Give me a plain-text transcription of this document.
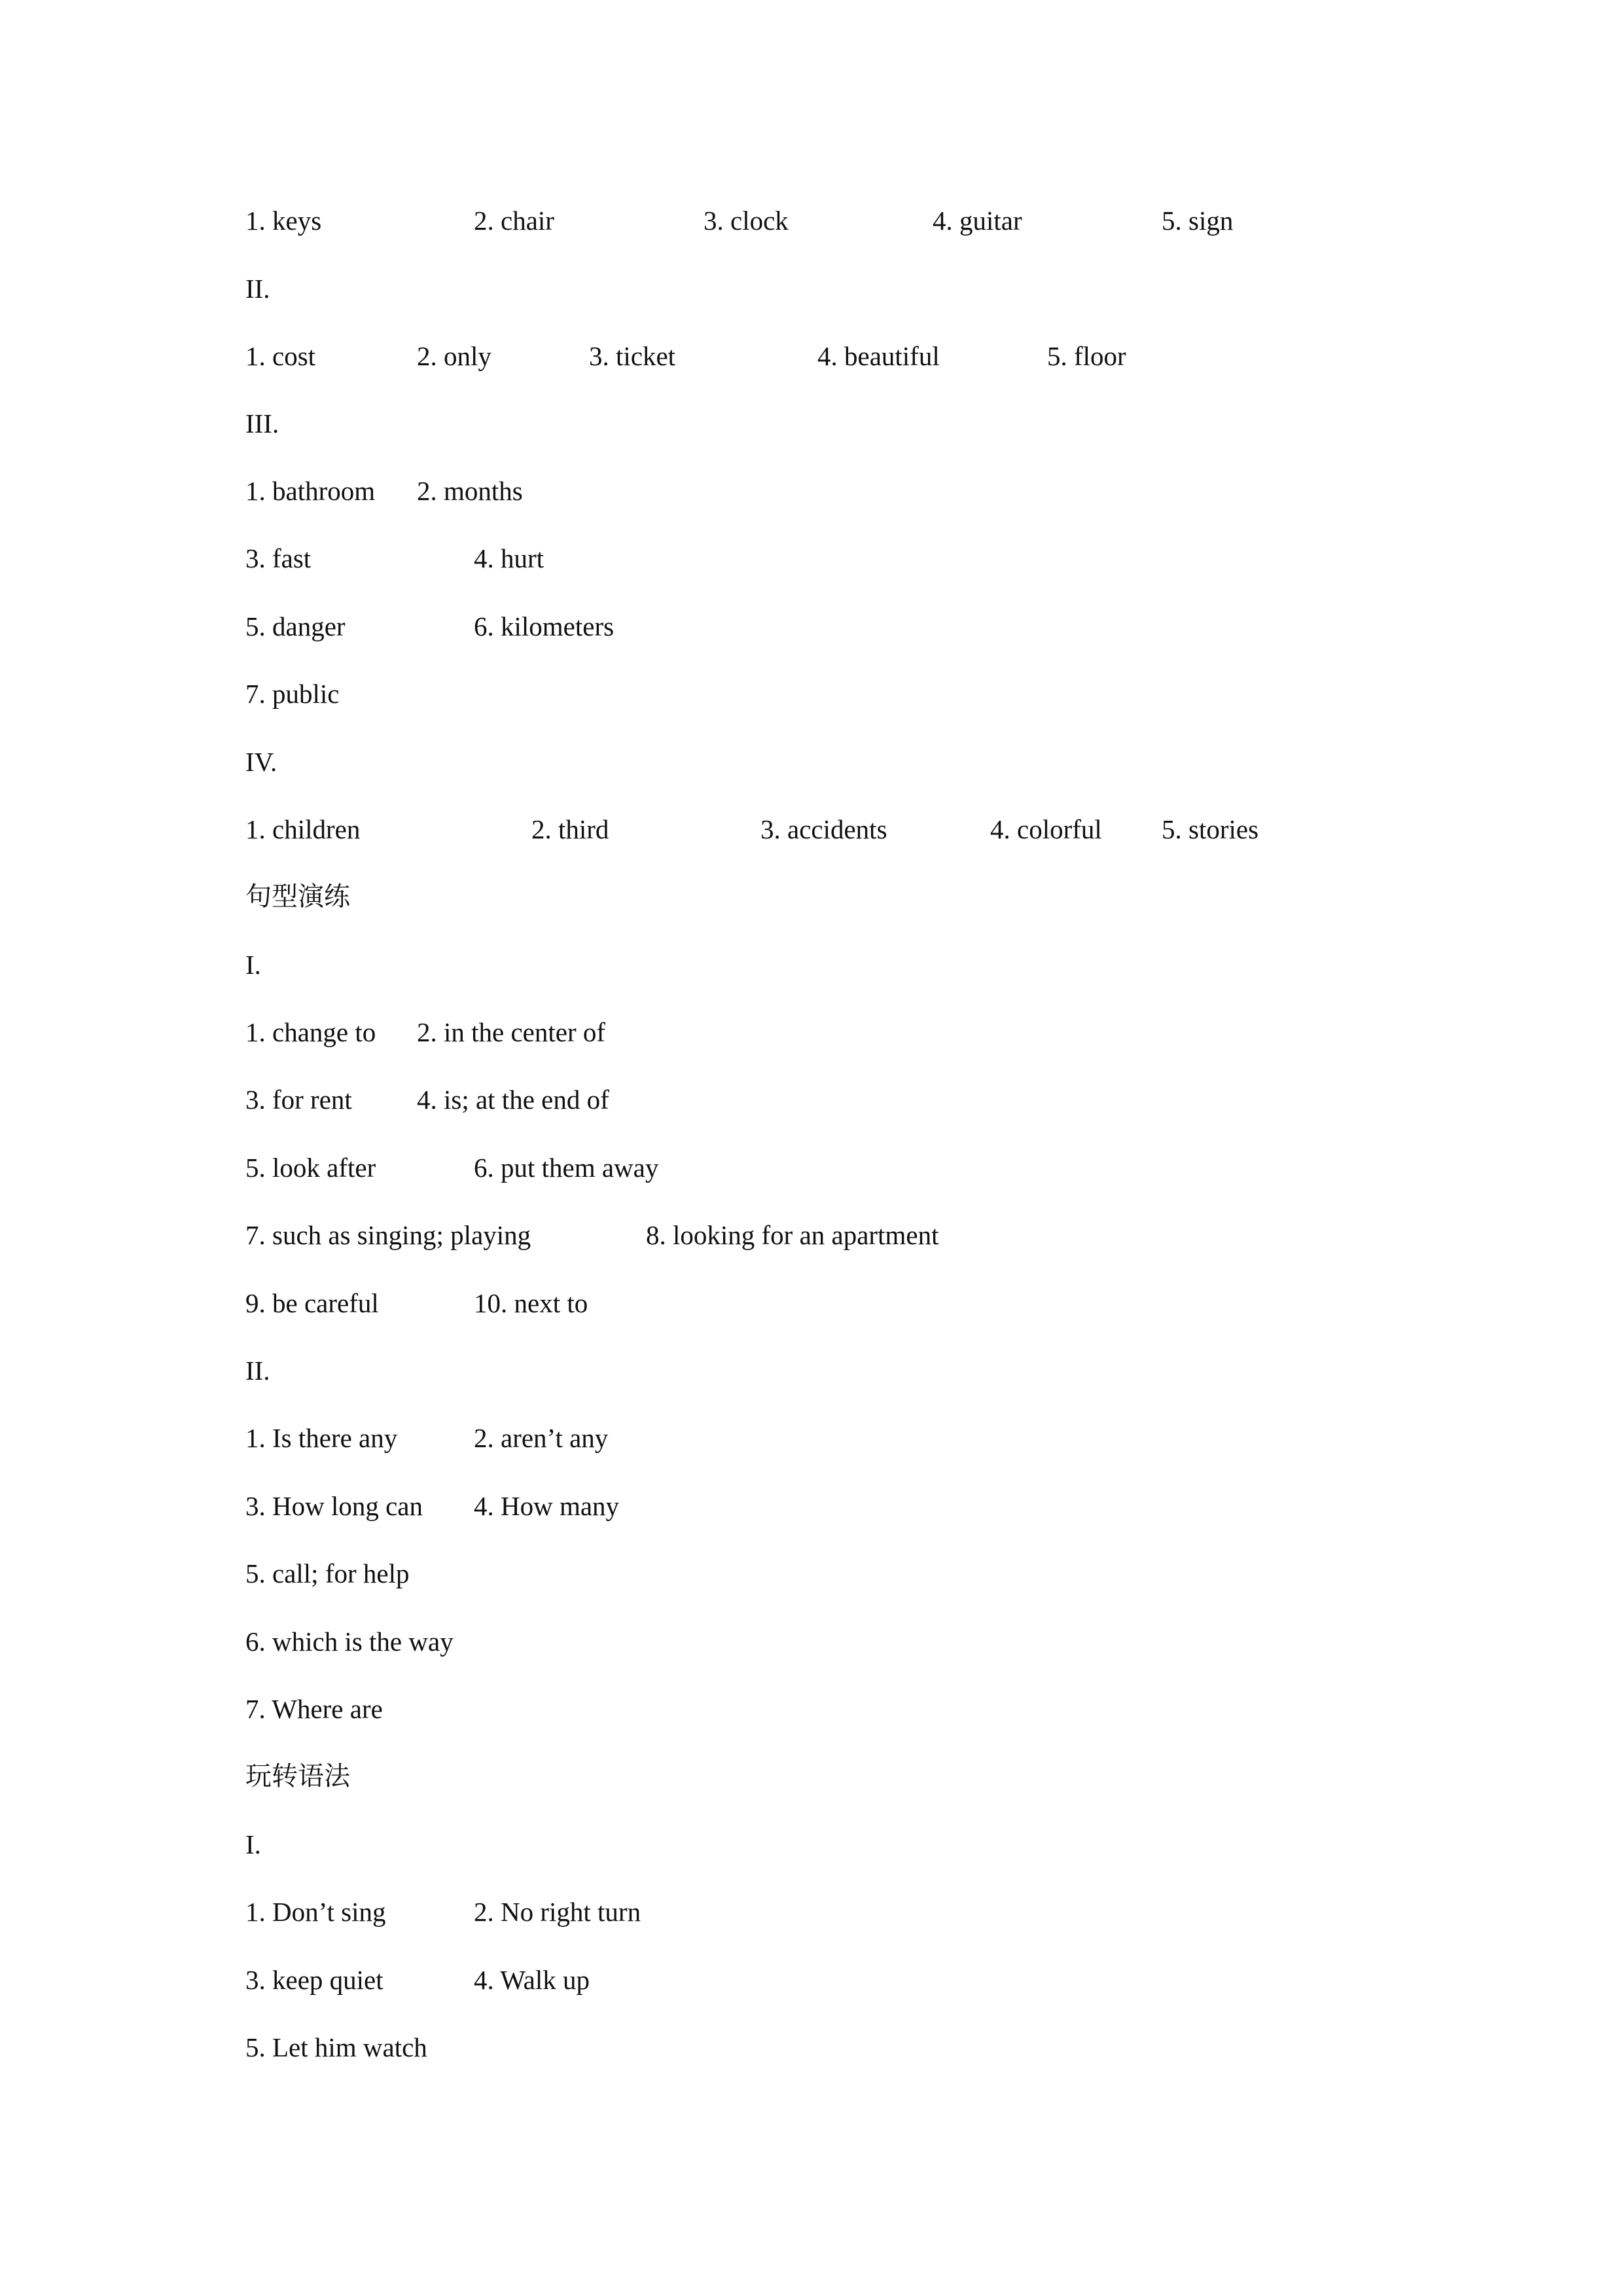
1. keys	2. chair	3. clock	4. guitar	5. sign
II.
1. cost	2. only	3. ticket	4. beautiful	5. floor
III.
1. bathroom 2. months
3. fast	4. hurt
5. danger	6. kilometers
7. public
IV.
1. children	2. third	3. accidents	4. colorful 5. stories
句型演练
I.
1. change to 2. in the center of
3. for rent 4. is; at the end of
5. look after	6. put them away
7. such as singing; playing	8. looking for an apartment
9. be careful	10. next to
II.
1. Is there any	2. aren’t any
3. How long can 4. How many
5. call; for help
6. which is the way
7. Where are
玩转语法
I.
1. Don’t sing	2. No right turn
3. keep quiet	4. Walk up
5. Let him watch
